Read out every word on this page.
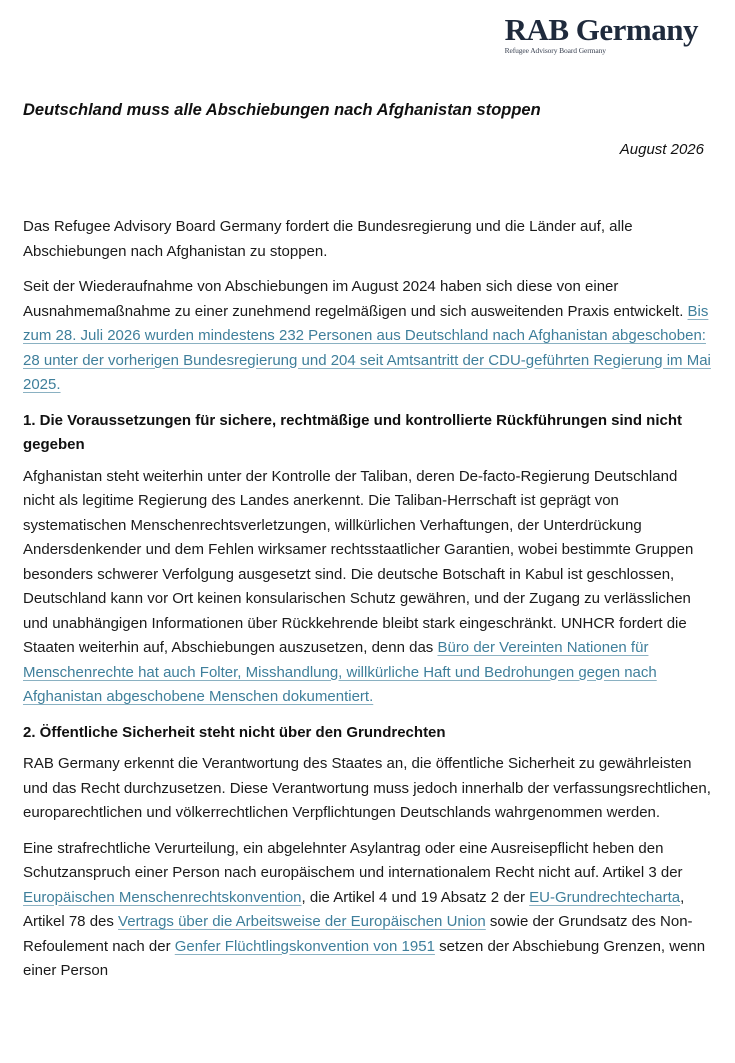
RAB Germany
Refugee Advisory Board Germany
Deutschland muss alle Abschiebungen nach Afghanistan stoppen
August 2026

Das Refugee Advisory Board Germany fordert die Bundesregierung und die Länder auf, alle Abschiebungen nach Afghanistan zu stoppen.

Seit der Wiederaufnahme von Abschiebungen im August 2024 haben sich diese von einer Ausnahmemaßnahme zu einer zunehmend regelmäßigen und sich ausweitenden Praxis entwickelt. Bis zum 28. Juli 2026 wurden mindestens 232 Personen aus Deutschland nach Afghanistan abgeschoben: 28 unter der vorherigen Bundesregierung und 204 seit Amtsantritt der CDU-geführten Regierung im Mai 2025.

1. Die Voraussetzungen für sichere, rechtmäßige und kontrollierte Rückführungen sind nicht gegeben

Afghanistan steht weiterhin unter der Kontrolle der Taliban, deren De-facto-Regierung Deutschland nicht als legitime Regierung des Landes anerkennt. Die Taliban-Herrschaft ist geprägt von systematischen Menschenrechtsverletzungen, willkürlichen Verhaftungen, der Unterdrückung Andersdenkender und dem Fehlen wirksamer rechtsstaatlicher Garantien, wobei bestimmte Gruppen besonders schwerer Verfolgung ausgesetzt sind. Die deutsche Botschaft in Kabul ist geschlossen, Deutschland kann vor Ort keinen konsularischen Schutz gewähren, und der Zugang zu verlässlichen und unabhängigen Informationen über Rückkehrende bleibt stark eingeschränkt. UNHCR fordert die Staaten weiterhin auf, Abschiebungen auszusetzen, denn das Büro der Vereinten Nationen für Menschenrechte hat auch Folter, Misshandlung, willkürliche Haft und Bedrohungen gegen nach Afghanistan abgeschobene Menschen dokumentiert.

2. Öffentliche Sicherheit steht nicht über den Grundrechten

RAB Germany erkennt die Verantwortung des Staates an, die öffentliche Sicherheit zu gewährleisten und das Recht durchzusetzen. Diese Verantwortung muss jedoch innerhalb der verfassungsrechtlichen, europarechtlichen und völkerrechtlichen Verpflichtungen Deutschlands wahrgenommen werden.

Eine strafrechtliche Verurteilung, ein abgelehnter Asylantrag oder eine Ausreisepflicht heben den Schutzanspruch einer Person nach europäischem und internationalem Recht nicht auf. Artikel 3 der Europäischen Menschenrechtskonvention, die Artikel 4 und 19 Absatz 2 der EU-Grundrechtecharta, Artikel 78 des Vertrags über die Arbeitsweise der Europäischen Union sowie der Grundsatz des Non-Refoulement nach der Genfer Flüchtlingskonvention von 1951 setzen der Abschiebung Grenzen, wenn einer Person
